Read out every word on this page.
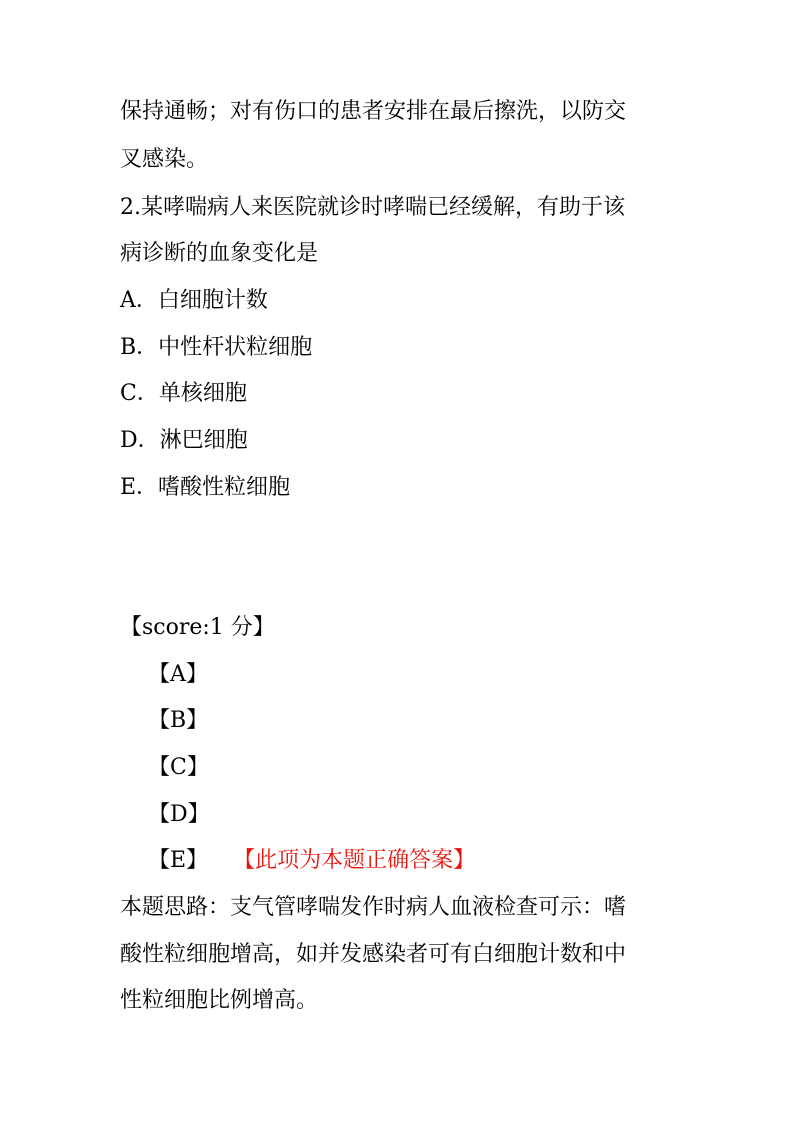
保持通畅；对有伤口的患者安排在最后擦洗，以防交
叉感染。
2.某哮喘病人来医院就诊时哮喘已经缓解，有助于该
病诊断的血象变化是
A．白细胞计数
B．中性杆状粒细胞
C．单核细胞
D．淋巴细胞
E．嗜酸性粒细胞
【score:1 分】
【A】
【B】
【C】
【D】
【E】 【此项为本题正确答案】
本题思路：支气管哮喘发作时病人血液检查可示：嗜
酸性粒细胞增高，如并发感染者可有白细胞计数和中
性粒细胞比例增高。
